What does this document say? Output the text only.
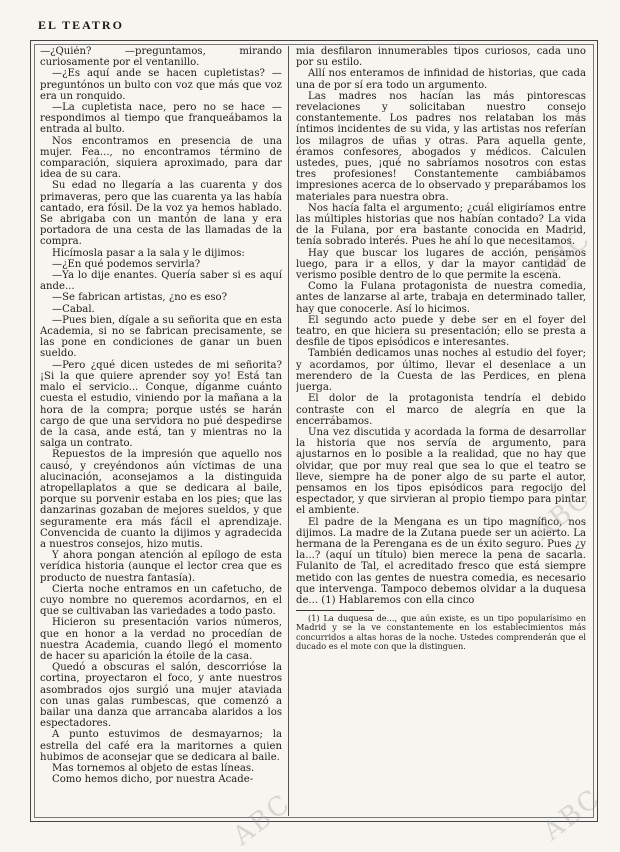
EL TEATRO

—¿Quién? —preguntamos, mirando curiosamente por el ventanillo.

—¿Es aquí ande se hacen cupletistas? —preguntónos un bulto con voz que más que voz era un ronquido.

—La cupletista nace, pero no se hace —respondimos al tiempo que franqueábamos la entrada al bulto.

Nos encontramos en presencia de una mujer. Fea..., no encontramos término de comparación, siquiera aproximado, para dar idea de su cara.

Su edad no llegaría a las cuarenta y dos primaveras, pero que las cuarenta ya las había cantado, era fósil. De la voz ya hemos hablado. Se abrigaba con un mantón de lana y era portadora de una cesta de las llamadas de la compra.

Hicímosla pasar a la sala y le dijimos:

—¿En qué podemos servirla?

—Ya lo dije enantes. Quería saber si es aquí ande...

—Se fabrican artistas, ¿no es eso?

—Cabal.

—Pues bien, dígale a su señorita que en esta Academia, si no se fabrican precisamente, se las pone en condiciones de ganar un buen sueldo.

—Pero ¿qué dicen ustedes de mi señorita? ¡Si la que quiere aprender soy yo! Está tan malo el servicio... Conque, díganme cuánto cuesta el estudio, viniendo por la mañana a la hora de la compra; porque ustés se harán cargo de que una servidora no pué despedirse de la casa, ande está, tan y mientras no la salga un contrato.

Repuestos de la impresión que aquello nos causó, y creyéndonos aún víctimas de una alucinación, aconsejamos a la distinguida atropellaplatos a que se dedicara al baile, porque su porvenir estaba en los pies; que las danzarinas gozaban de mejores sueldos, y que seguramente era más fácil el aprendizaje. Convencida de cuanto la dijimos y agradecida a nuestros consejos, hizo mutis.

Y ahora pongan atención al epílogo de esta verídica historia (aunque el lector crea que es producto de nuestra fantasía).

Cierta noche entramos en un cafetucho, de cuyo nombre no queremos acordarnos, en el que se cultivaban las variedades a todo pasto.

Hicieron su presentación varios números, que en honor a la verdad no procedían de nuestra Academia, cuando llegó el momento de hacer su aparición la étoile de la casa.

Quedó a obscuras el salón, descorrióse la cortina, proyectaron el foco, y ante nuestros asombrados ojos surgió una mujer ataviada con unas galas rumbescas, que comenzó a bailar una danza que arrancaba alaridos a los espectadores.

A punto estuvimos de desmayarnos; la estrella del café era la maritornes a quien hubimos de aconsejar que se dedicara al baile.

Mas tornemos al objeto de estas líneas.

Como hemos dicho, por nuestra Acade-

mia desfilaron innumerables tipos curiosos, cada uno por su estilo.

Allí nos enteramos de infinidad de historias, que cada una de por sí era todo un argumento.

Las madres nos hacían las más pintorescas revelaciones y solicitaban nuestro consejo constantemente. Los padres nos relataban los más íntimos incidentes de su vida, y las artistas nos referían los milagros de uñas y otras. Para aquella gente, éramos confesores, abogados y médicos. Calculen ustedes, pues, ¡qué no sabríamos nosotros con estas tres profesiones! Constantemente cambiábamos impresiones acerca de lo observado y preparábamos los materiales para nuestra obra.

Nos hacía falta el argumento; ¿cuál eligiríamos entre las múltiples historias que nos habían contado? La vida de la Fulana, por era bastante conocida en Madrid, tenía sobrado interés. Pues he ahí lo que necesitamos.

Hay que buscar los lugares de acción, pensamos luego, para ir a ellos, y dar la mayor cantidad de verismo posible dentro de lo que permite la escena.

Como la Fulana protagonista de nuestra comedia, antes de lanzarse al arte, trabaja en determinado taller, hay que conocerle. Así lo hicimos.

El segundo acto puede y debe ser en el foyer del teatro, en que hiciera su presentación; ello se presta a desfile de tipos episódicos e interesantes.

También dedicamos unas noches al estudio del foyer; y acordamos, por último, llevar el desenlace a un merendero de la Cuesta de las Perdices, en plena juerga.

El dolor de la protagonista tendría el debido contraste con el marco de alegría en que la encerrábamos.

Una vez discutida y acordada la forma de desarrollar la historia que nos servía de argumento, para ajustarnos en lo posible a la realidad, que no hay que olvidar, que por muy real que sea lo que el teatro se lleve, siempre ha de poner algo de su parte el autor, pensamos en los tipos episódicos para regocijo del espectador, y que sirvieran al propio tiempo para pintar el ambiente.

El padre de la Mengana es un tipo magnífico, nos dijimos. La madre de la Zutana puede ser un acierto. La hermana de la Perengana es de un éxito seguro. Pues ¿y la...? (aquí un título) bien merece la pena de sacarla. Fulanito de Tal, el acreditado fresco que está siempre metido con las gentes de nuestra comedia, es necesario que intervenga. Tampoco debemos olvidar a la duquesa de... (1) Hablaremos con ella cinco

(1) La duquesa de..., que aún existe, es un tipo popularísimo en Madrid y se la ve constantemente en los establecimientos más concurridos a altas horas de la noche. Ustedes comprenderán que el ducado es el mote con que la distinguen.

ABC
ABC
ABC
ABC
